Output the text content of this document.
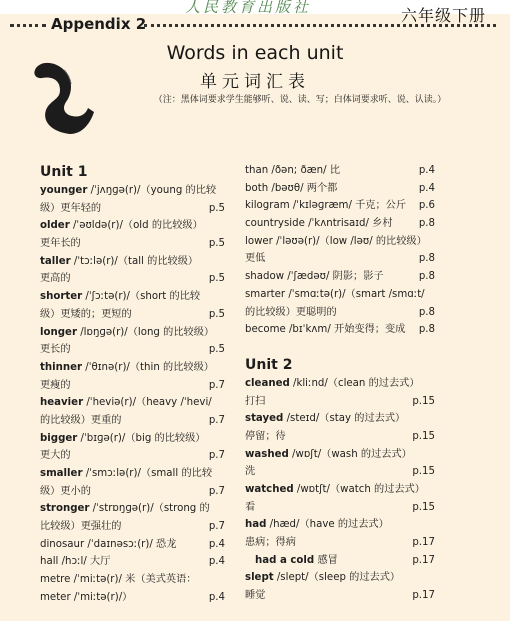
人民教育出版社	六年级下册
Appendix 2
Words in each unit
单元词汇表
（注：黑体词要求学生能够听、说、读、写；白体词要求听、说、认读。）
Unit 1
younger /ˈjʌŋɡə(r)/（young 的比较
级）更年轻的	p.5
older /ˈəʊldə(r)/（old 的比较级）
更年长的	p.5
taller /ˈtɔːlə(r)/（tall 的比较级）
更高的	p.5
shorter /ˈʃɔːtə(r)/（short 的比较
级）更矮的；更短的	p.5
longer /lɒŋɡə(r)/（long 的比较级）
更长的	p.5
thinner /ˈθɪnə(r)/（thin 的比较级）
更瘦的	p.7
heavier /ˈheviə(r)/（heavy /ˈhevi/
的比较级）更重的	p.7
bigger /ˈbɪɡə(r)/（big 的比较级）
更大的	p.7
smaller /ˈsmɔːlə(r)/（small 的比较
级）更小的	p.7
stronger /ˈstrɒŋɡə(r)/（strong 的
比较级）更强壮的	p.7
dinosaur /ˈdaɪnəsɔː(r)/ 恐龙	p.4
hall /hɔːl/ 大厅	p.4
metre /ˈmiːtə(r)/ 米（美式英语：
meter /ˈmiːtə(r)/）	p.4
than /ðən; ðæn/ 比	p.4
both /bəʊθ/ 两个都	p.4
kilogram /ˈkɪləɡræm/ 千克；公斤 p.6
countryside /ˈkʌntrisaɪd/ 乡村	p.8
lower /ˈləʊə(r)/（low /ləʊ/ 的比较级）
更低	p.8
shadow /ˈʃædəʊ/ 阴影；影子	p.8
smarter /ˈsmɑːtə(r)/（smart /smɑːt/
的比较级）更聪明的	p.8
become /bɪˈkʌm/ 开始变得；变成 p.8
Unit 2
cleaned /kliːnd/（clean 的过去式）
打扫	p.15
stayed /steɪd/（stay 的过去式）
停留；待	p.15
washed /wɒʃt/（wash 的过去式）
洗	p.15
watched /wɒtʃt/（watch 的过去式）
看	p.15
had /hæd/（have 的过去式）
患病；得病	p.17
had a cold 感冒	p.17
slept /slept/（sleep 的过去式）
睡觉	p.17
